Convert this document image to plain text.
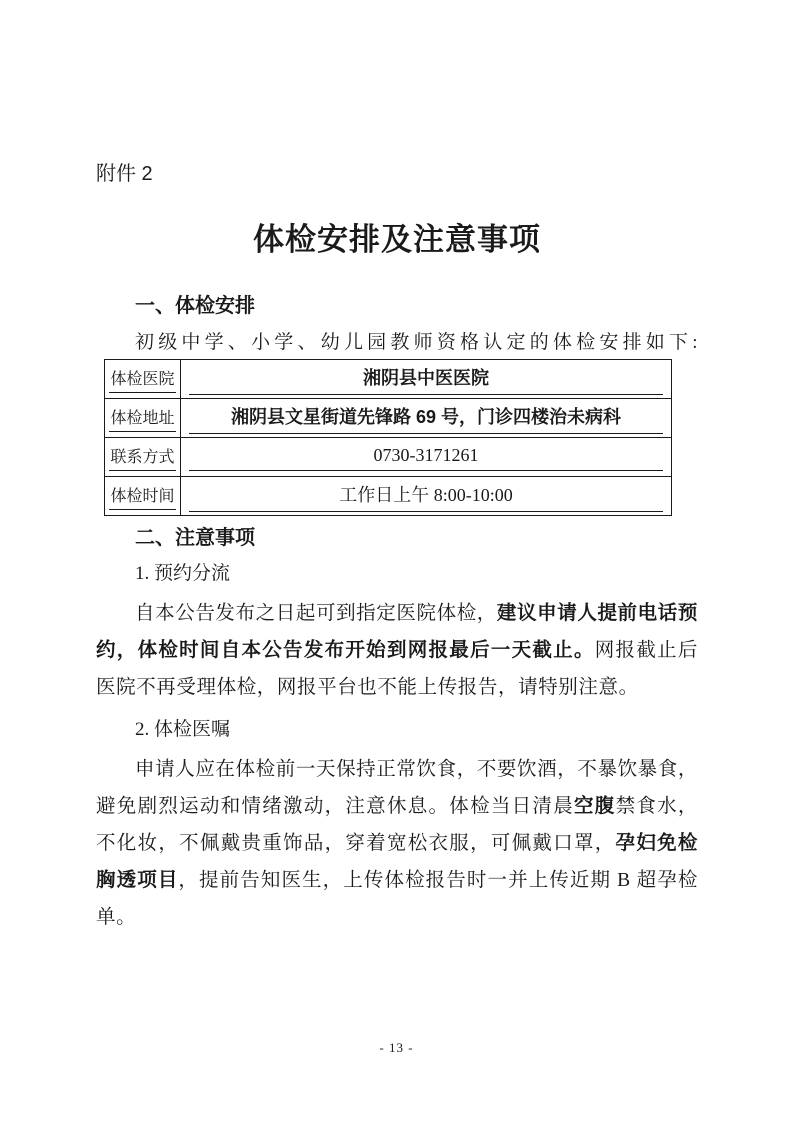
附件 2
体检安排及注意事项
一、体检安排
初级中学、小学、幼儿园教师资格认定的体检安排如下:
体检医院	湘阴县中医医院

体检地址	湘阴县文星街道先锋路 69 号，门诊四楼治未病科

联系方式	0730-3171261

体检时间	工作日上午 8:00-10:00
二、注意事项
1. 预约分流
自本公告发布之日起可到指定医院体检，建议申请人提前电话预约，体检时间自本公告发布开始到网报最后一天截止。网报截止后医院不再受理体检，网报平台也不能上传报告，请特别注意。
2. 体检医嘱
申请人应在体检前一天保持正常饮食，不要饮酒，不暴饮暴食，避免剧烈运动和情绪激动，注意休息。体检当日清晨空腹禁食水，不化妆，不佩戴贵重饰品，穿着宽松衣服，可佩戴口罩，孕妇免检胸透项目，提前告知医生，上传体检报告时一并上传近期 B 超孕检单。
- 13 -
